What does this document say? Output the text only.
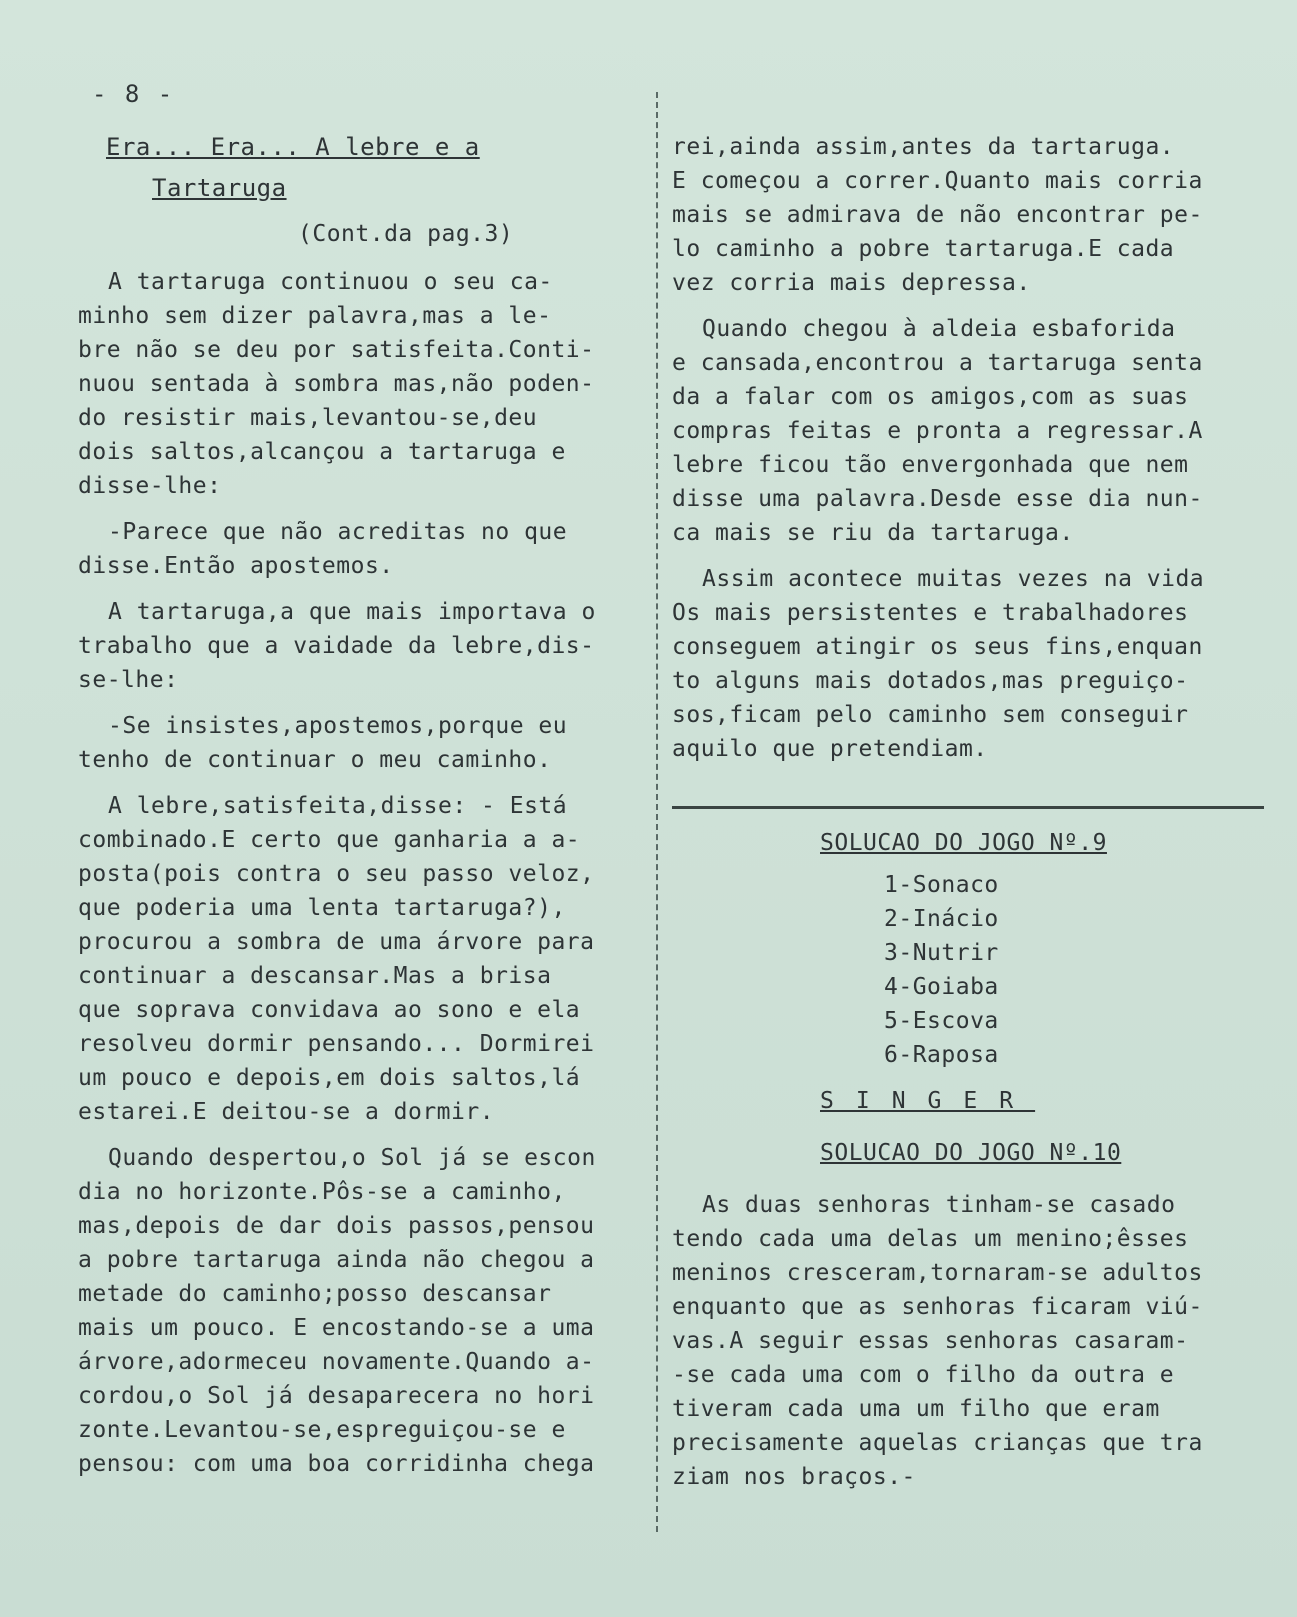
- 8 -
Era... Era... A lebre e a
Tartaruga
(Cont.da pag.3)
A tartaruga continuou o seu ca-
minho sem dizer palavra,mas a le-
bre não se deu por satisfeita.Conti-
nuou sentada à sombra mas,não poden-
do resistir mais,levantou-se,deu
dois saltos,alcançou a tartaruga e
disse-lhe:
-Parece que não acreditas no que
disse.Então apostemos.
A tartaruga,a que mais importava o
trabalho que a vaidade da lebre,dis-
se-lhe:
-Se insistes,apostemos,porque eu
tenho de continuar o meu caminho.
A lebre,satisfeita,disse: - Está
combinado.E certo que ganharia a a-
posta(pois contra o seu passo veloz,
que poderia uma lenta tartaruga?),
procurou a sombra de uma árvore para
continuar a descansar.Mas a brisa
que soprava convidava ao sono e ela
resolveu dormir pensando... Dormirei
um pouco e depois,em dois saltos,lá
estarei.E deitou-se a dormir.
Quando despertou,o Sol já se escon
dia no horizonte.Pôs-se a caminho,
mas,depois de dar dois passos,pensou
a pobre tartaruga ainda não chegou a
metade do caminho;posso descansar
mais um pouco. E encostando-se a uma
árvore,adormeceu novamente.Quando a-
cordou,o Sol já desaparecera no hori
zonte.Levantou-se,espreguiçou-se e
pensou: com uma boa corridinha chega
rei,ainda assim,antes da tartaruga.
E começou a correr.Quanto mais corria
mais se admirava de não encontrar pe-
lo caminho a pobre tartaruga.E cada
vez corria mais depressa.
Quando chegou à aldeia esbaforida
e cansada,encontrou a tartaruga senta
da a falar com os amigos,com as suas
compras feitas e pronta a regressar.A
lebre ficou tão envergonhada que nem
disse uma palavra.Desde esse dia nun-
ca mais se riu da tartaruga.
Assim acontece muitas vezes na vida
Os mais persistentes e trabalhadores
conseguem atingir os seus fins,enquan
to alguns mais dotados,mas preguiço-
sos,ficam pelo caminho sem conseguir
aquilo que pretendiam.
SOLUCAO DO JOGO Nº.9
1-Sonaco
2-Inácio
3-Nutrir
4-Goiaba
5-Escova
6-Raposa
SINGER
SOLUCAO DO JOGO Nº.10
As duas senhoras tinham-se casado
tendo cada uma delas um menino;êsses
meninos cresceram,tornaram-se adultos
enquanto que as senhoras ficaram viú-
vas.A seguir essas senhoras casaram-
-se cada uma com o filho da outra e
tiveram cada uma um filho que eram
precisamente aquelas crianças que tra
ziam nos braços.-
